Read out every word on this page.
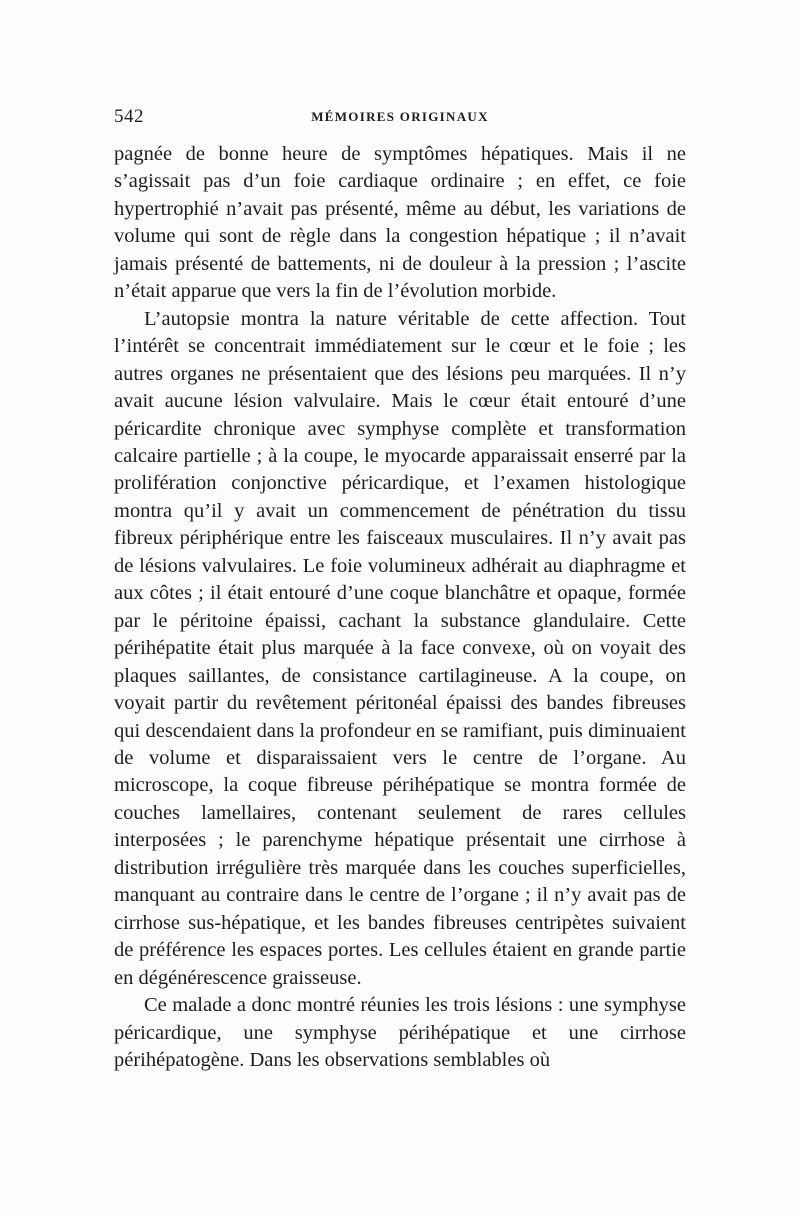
542	MÉMOIRES ORIGINAUX

pagnée de bonne heure de symptômes hépatiques. Mais il ne s’agissait pas d’un foie cardiaque ordinaire ; en effet, ce foie hypertrophié n’avait pas présenté, même au début, les variations de volume qui sont de règle dans la congestion hépatique ; il n’avait jamais présenté de battements, ni de douleur à la pression ; l’ascite n’était apparue que vers la fin de l’évolution morbide.

L’autopsie montra la nature véritable de cette affection. Tout l’intérêt se concentrait immédiatement sur le cœur et le foie ; les autres organes ne présentaient que des lésions peu marquées. Il n’y avait aucune lésion valvulaire. Mais le cœur était entouré d’une péricardite chronique avec symphyse complète et transformation calcaire partielle ; à la coupe, le myocarde apparaissait enserré par la prolifération conjonctive péricardique, et l’examen histologique montra qu’il y avait un commencement de pénétration du tissu fibreux périphérique entre les faisceaux musculaires. Il n’y avait pas de lésions valvulaires. Le foie volumineux adhérait au diaphragme et aux côtes ; il était entouré d’une coque blanchâtre et opaque, formée par le péritoine épaissi, cachant la substance glandulaire. Cette périhépatite était plus marquée à la face convexe, où on voyait des plaques saillantes, de consistance cartilagineuse. A la coupe, on voyait partir du revêtement péritonéal épaissi des bandes fibreuses qui descendaient dans la profondeur en se ramifiant, puis diminuaient de volume et disparaissaient vers le centre de l’organe. Au microscope, la coque fibreuse périhépatique se montra formée de couches lamellaires, contenant seulement de rares cellules interposées ; le parenchyme hépatique présentait une cirrhose à distribution irrégulière très marquée dans les couches superficielles, manquant au contraire dans le centre de l’organe ; il n’y avait pas de cirrhose sus-hépatique, et les bandes fibreuses centripètes suivaient de préférence les espaces portes. Les cellules étaient en grande partie en dégénérescence graisseuse.

Ce malade a donc montré réunies les trois lésions : une symphyse péricardique, une symphyse périhépatique et une cirrhose périhépatogène. Dans les observations semblables où
